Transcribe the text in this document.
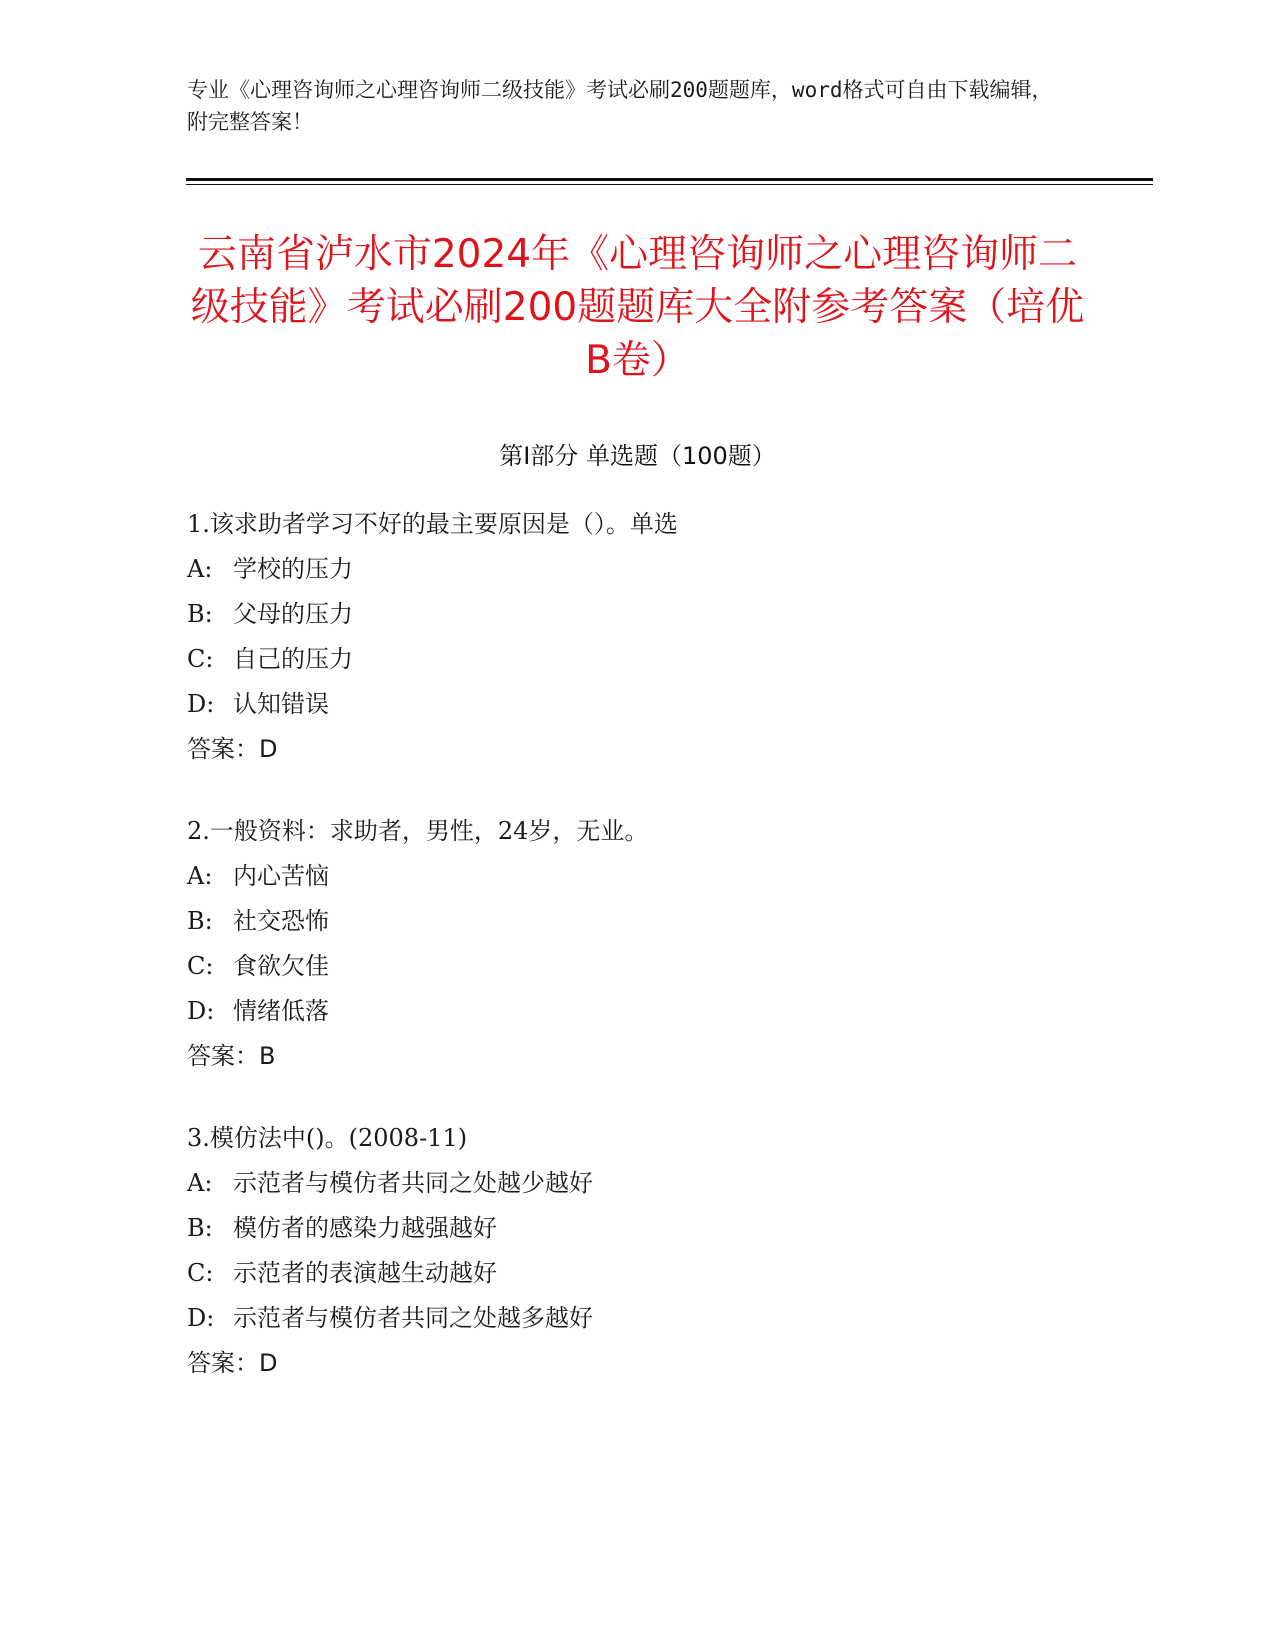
专业《心理咨询师之心理咨询师二级技能》考试必刷200题题库，word格式可自由下载编辑，附完整答案！
云南省泸水市2024年《心理咨询师之心理咨询师二级技能》考试必刷200题题库大全附参考答案（培优B卷）
第Ⅰ部分 单选题（100题）
1.该求助者学习不好的最主要原因是（）。单选
A: 学校的压力
B: 父母的压力
C: 自己的压力
D: 认知错误
答案：D
2.一般资料：求助者，男性，24岁，无业。
A: 内心苦恼
B: 社交恐怖
C: 食欲欠佳
D: 情绪低落
答案：B
3.模仿法中()。(2008-11)
A: 示范者与模仿者共同之处越少越好
B: 模仿者的感染力越强越好
C: 示范者的表演越生动越好
D: 示范者与模仿者共同之处越多越好
答案：D
